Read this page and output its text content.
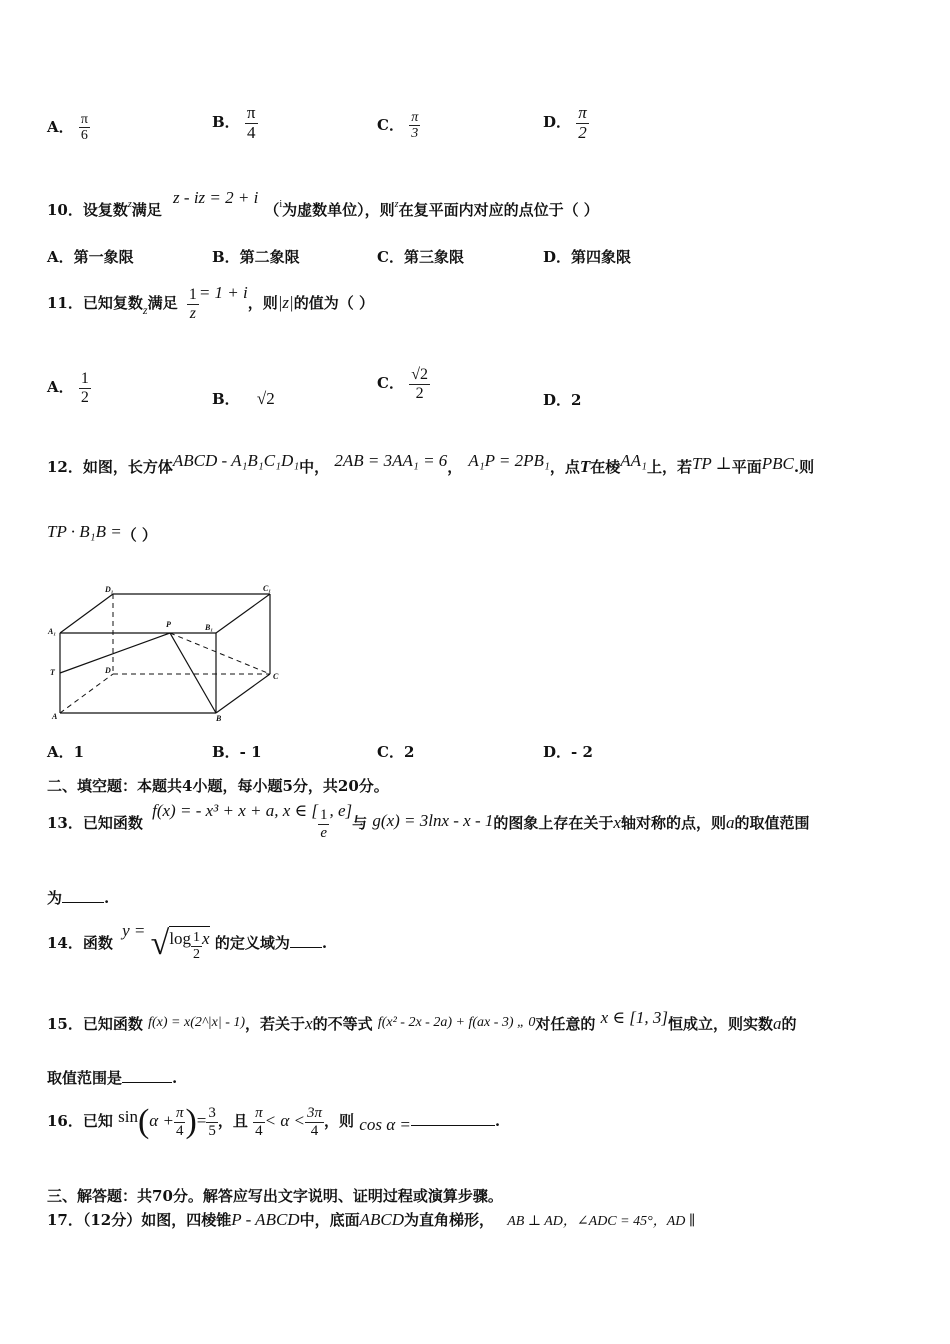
A． $\frac{\pi}{6}$	B． $\frac{\pi}{4}$	C． $\frac{\pi}{3}$	D． $\frac{\pi}{2}$
10．设复数$^z$满足 z - iz = 2 + i（$^i$为虚数单位），则$^z$在复平面内对应的点位于（ ）
A．第一象限	B．第二象限	C．第三象限	D．第四象限
11．已知复数$_z$满足 $\frac{1}{z} = 1 + i$，则|z|的值为（ ）
A． $\frac{1}{2}$	B． √2
C． $\frac{√2}{2}$	D．2
12．如图，长方体ABCD - A₁B₁C₁D₁中， 2AB = 3AA₁ = 6， A₁P = 2PB₁，点T在棱AA₁上，若TP ⊥平面PBC.则
TP · B₁B =（ ）
D₁	C₁
A₁
P	B₁
T	D
C
A	B
A．1	B．- 1	C．2	D．- 2
二、填空题：本题共4小题，每小题5分，共20分。
13．已知函数 f(x) = - x³ + x + a, x ∈ [ $\frac{1}{e}$ , e]与 g(x) = 3lnx - x - 1的图象上存在关于x轴对称的点，则a的取值范围
为	.
14．函数 $y = √\log \frac{1}{2}$ x 的定义域为 .
15．已知函数 f(x) = x(2^|x| - 1)，若关于x的不等式 f(x² - 2x - 2a) + f(ax - 3) „ 0对任意的 x ∈ [1, 3]恒成立，则实数a的
取值范围是	.
16．已知 $\sin(\alpha + \frac{\pi}{4}$ )= $\frac{3}{5}$ ，且 $\frac{\pi}{4} < \alpha < \frac{3\pi}{4}$ ，则 cos α =	.
三、解答题：共70分。解答应写出文字说明、证明过程或演算步骤。
17．（12分）如图，四棱锥P - ABCD中，底面ABCD为直角梯形， AB ⊥ AD，∠ADC = 45°，AD ∥
